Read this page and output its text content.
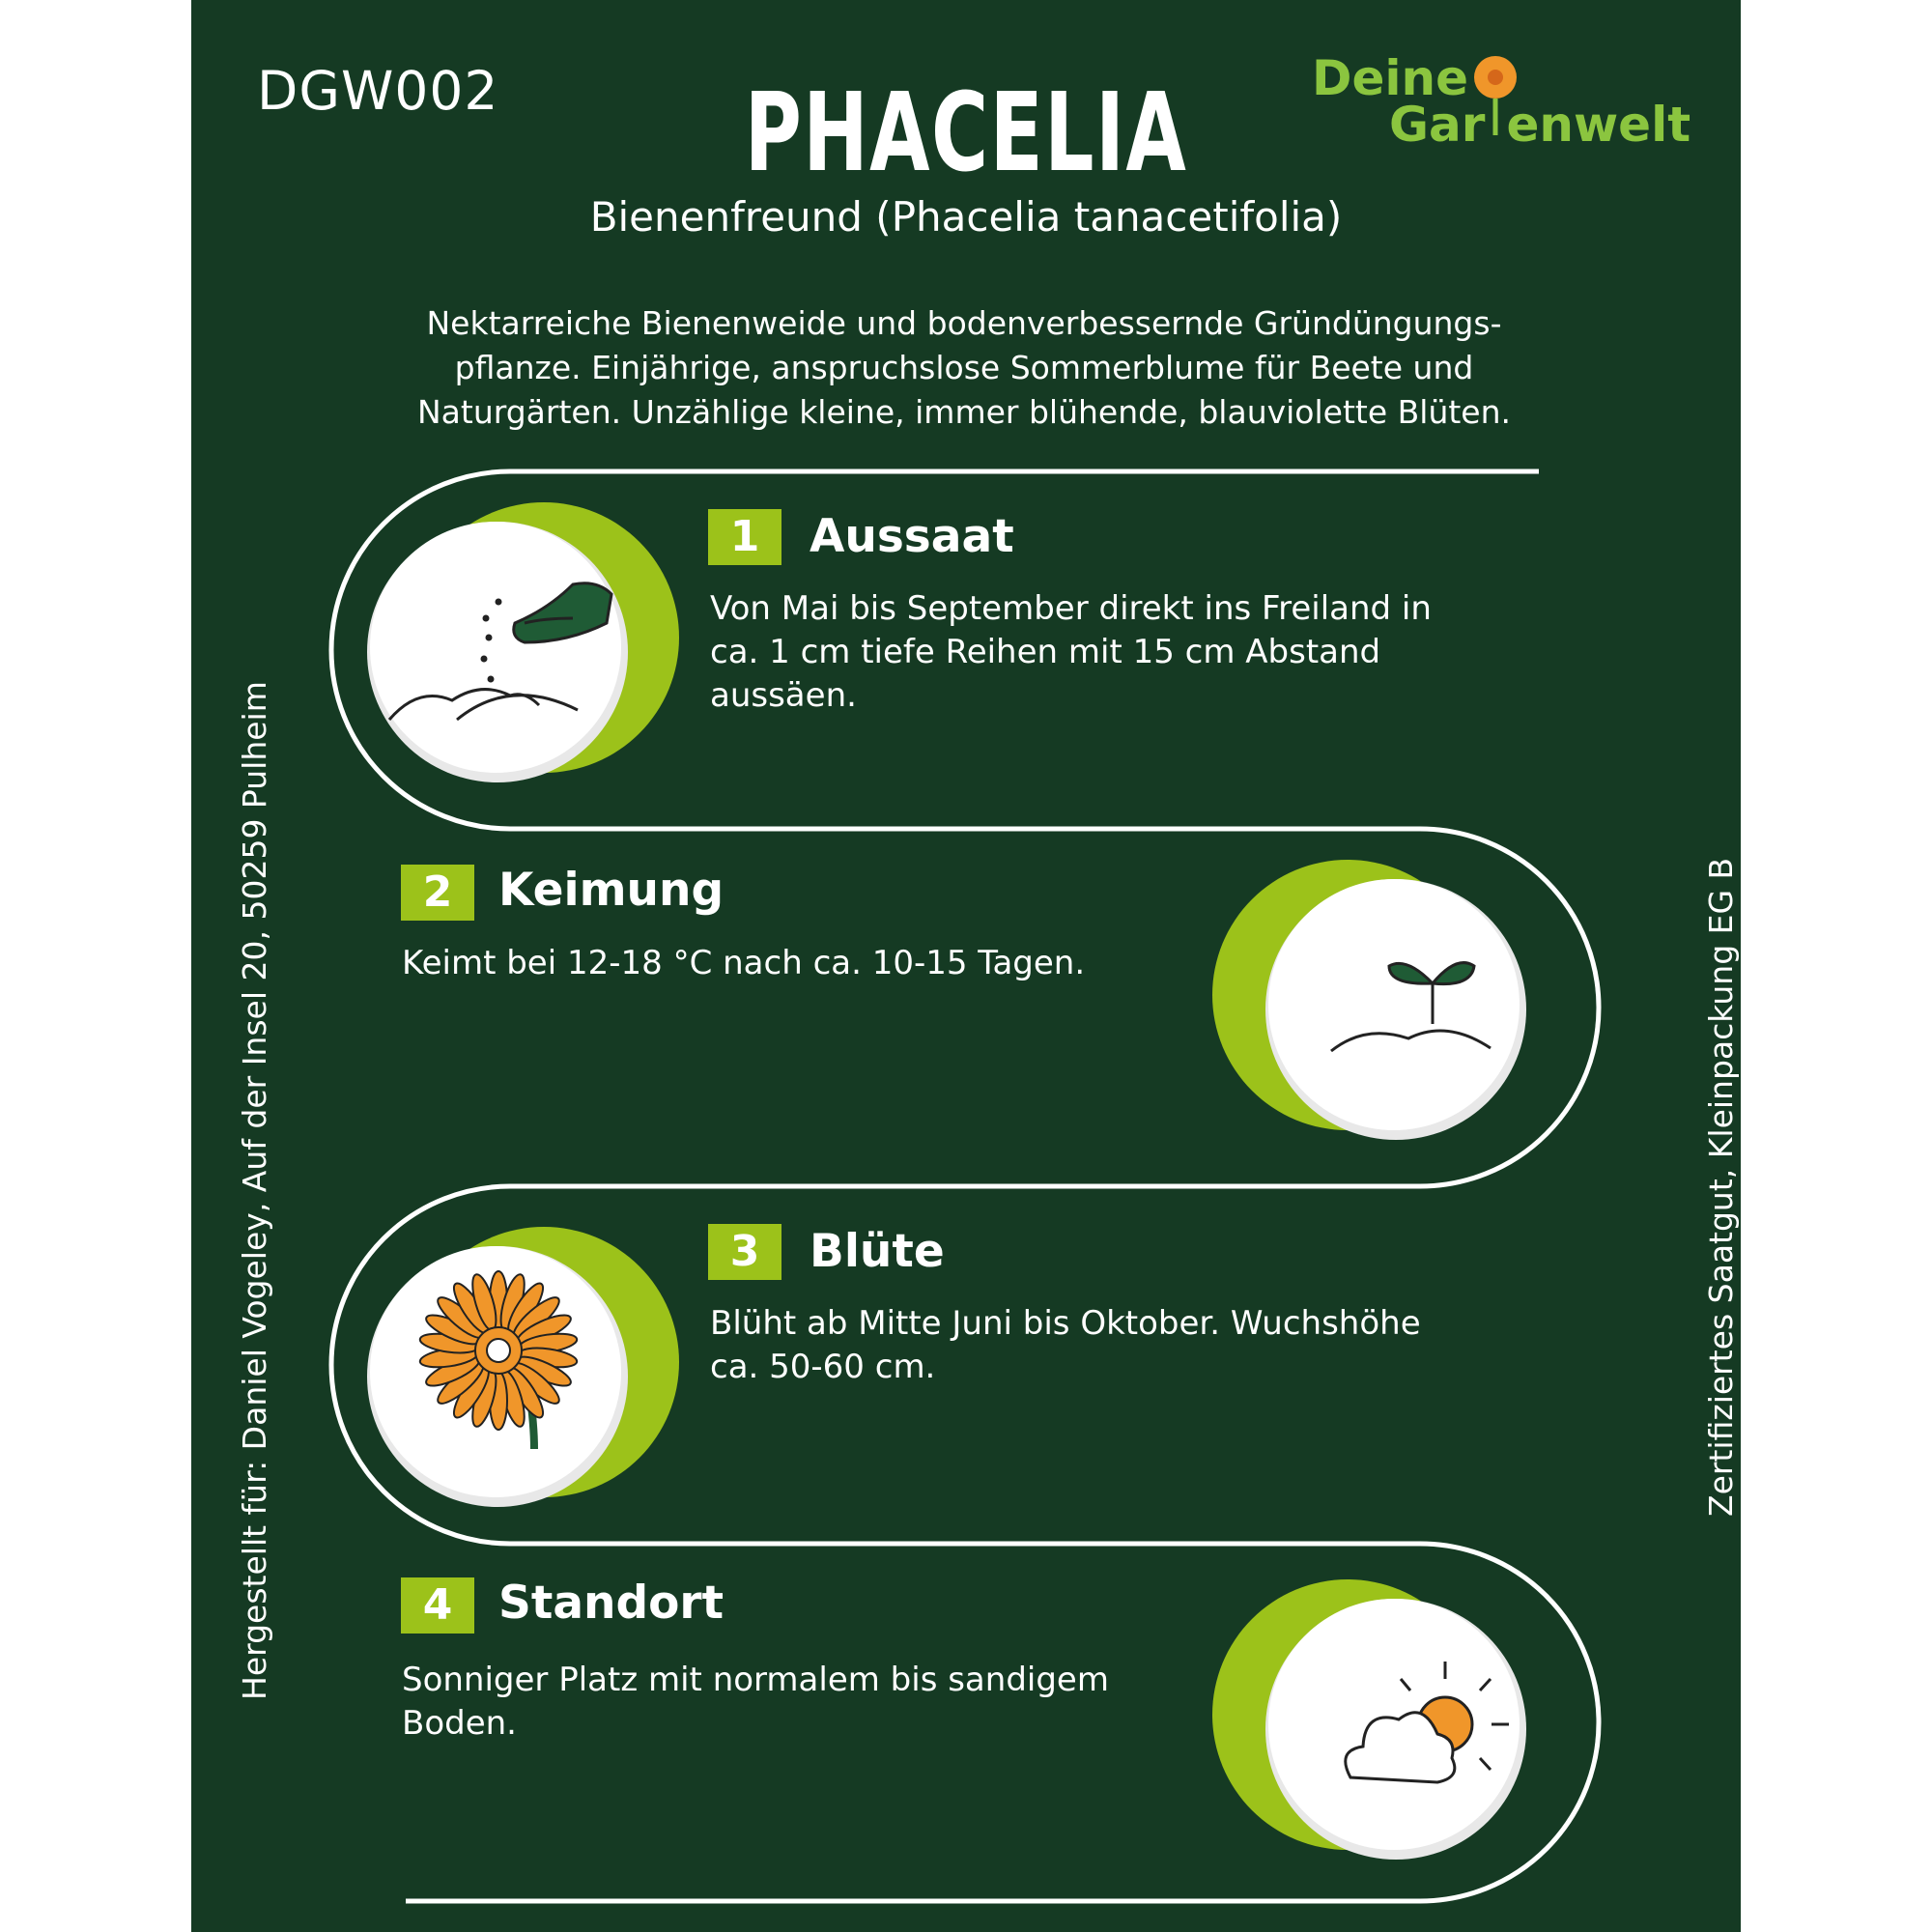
DGW002	PHACELIA
Bienenfreund (Phacelia tanacetifolia)
Deine
Gar enwelt
Nektarreiche Bienenweide und bodenverbessernde Gründüngungs-
pflanze. Einjährige, anspruchslose Sommerblume für Beete und
Naturgärten. Unzählige kleine, immer blühende, blauviolette Blüten.
1	Aussaat
Von Mai bis September direkt ins Freiland in
ca. 1 cm tiefe Reihen mit 15 cm Abstand
aussäen.
2	Keimung
Keimt bei 12-18 °C nach ca. 10-15 Tagen.
3	Blüte
Blüht ab Mitte Juni bis Oktober. Wuchshöhe
ca. 50-60 cm.
4	Standort
Sonniger Platz mit normalem bis sandigem
Boden.
Hergestellt für: Daniel Vogeley, Auf der Insel 20, 50259 Pulheim	Zertifiziertes Saatgut, Kleinpackung EG B
